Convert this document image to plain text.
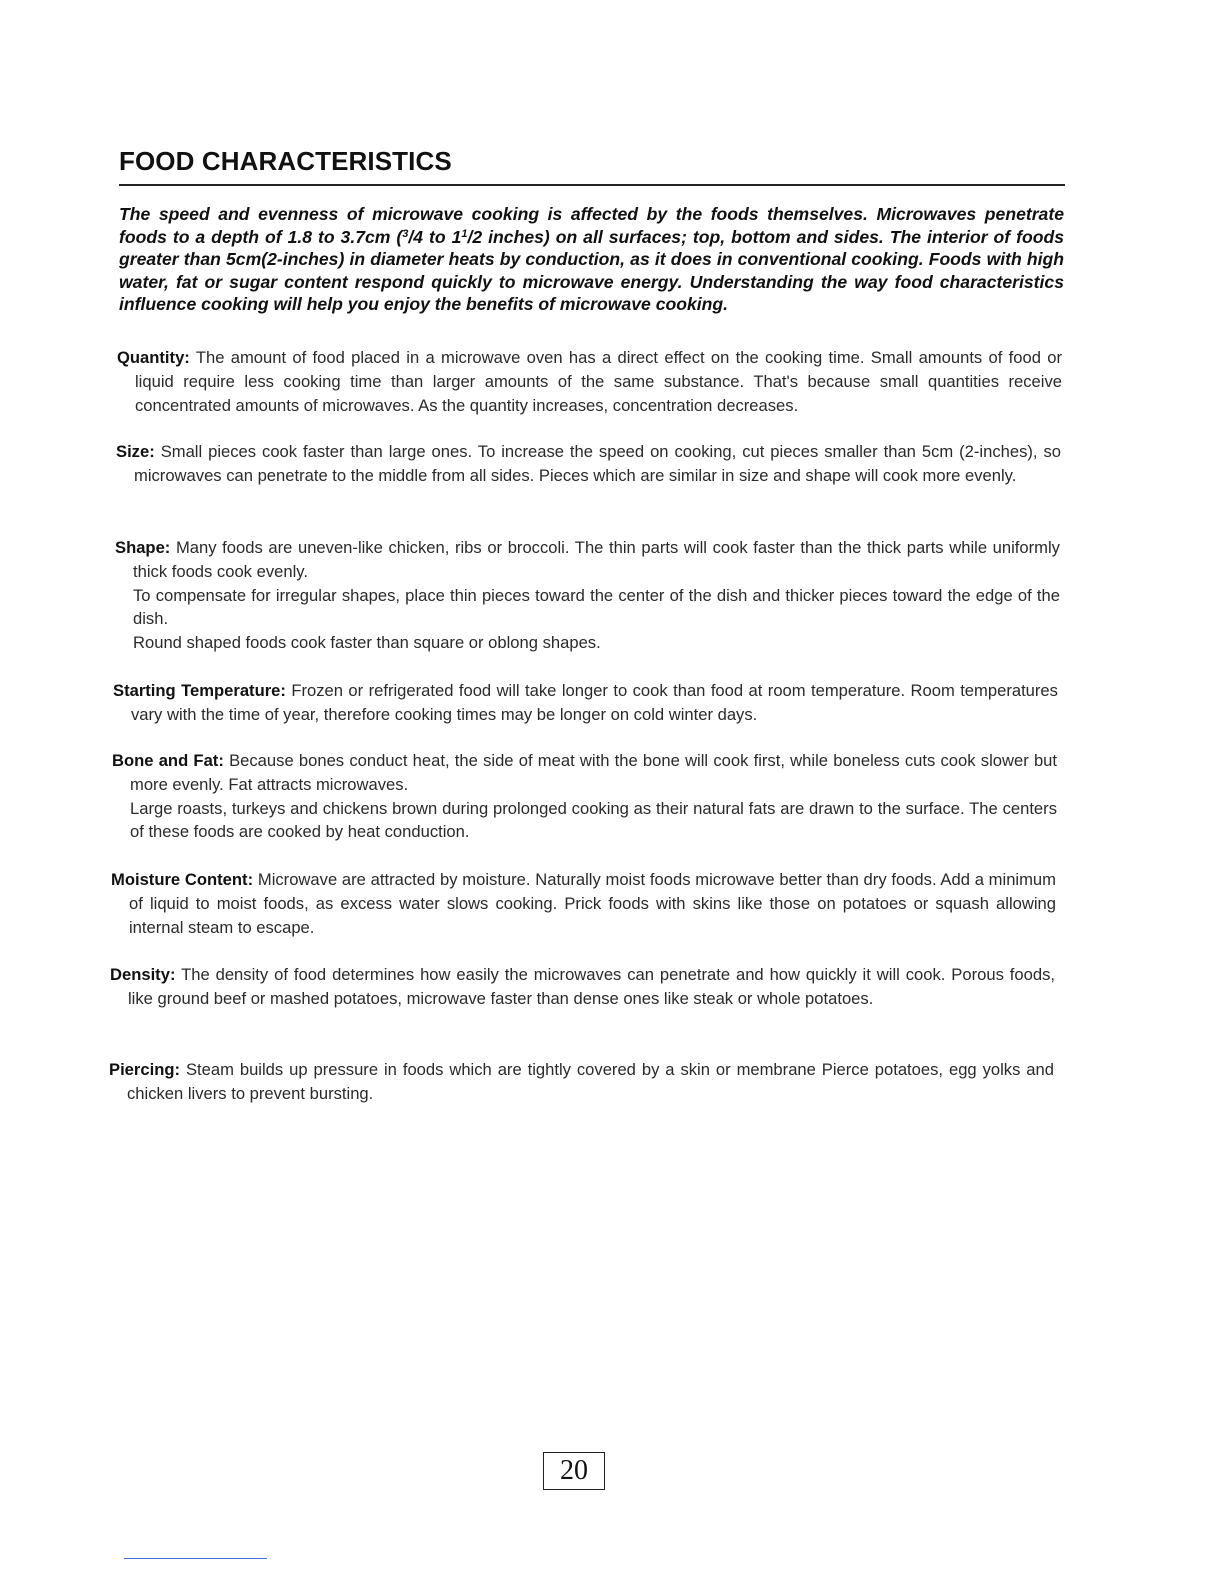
FOOD CHARACTERISTICS

The speed and evenness of microwave cooking is affected by the foods themselves. Microwaves penetrate foods to a depth of 1.8 to 3.7cm ($^3$/4 to $1^1/2$ inches) on all surfaces; top, bottom and sides. The interior of foods greater than 5cm(2-inches) in diameter heats by conduction, as it does in conventional cooking. Foods with high water, fat or sugar content respond quickly to microwave energy. Understanding the way food characteristics influence cooking will help you enjoy the benefits of microwave cooking.

Quantity: The amount of food placed in a microwave oven has a direct effect on the cooking time. Small amounts of food or liquid require less cooking time than larger amounts of the same substance. That's because small quantities receive concentrated amounts of microwaves. As the quantity increases, concentration decreases.

Size: Small pieces cook faster than large ones. To increase the speed on cooking, cut pieces smaller than 5cm (2-inches), so microwaves can penetrate to the middle from all sides. Pieces which are similar in size and shape will cook more evenly.

Shape: Many foods are uneven-like chicken, ribs or broccoli. The thin parts will cook faster than the thick parts while uniformly thick foods cook evenly.

To compensate for irregular shapes, place thin pieces toward the center of the dish and thicker pieces toward the edge of the dish.

Round shaped foods cook faster than square or oblong shapes.

Starting Temperature: Frozen or refrigerated food will take longer to cook than food at room temperature. Room temperatures vary with the time of year, therefore cooking times may be longer on cold winter days.

Bone and Fat: Because bones conduct heat, the side of meat with the bone will cook first, while boneless cuts cook slower but more evenly. Fat attracts microwaves.

Large roasts, turkeys and chickens brown during prolonged cooking as their natural fats are drawn to the surface. The centers of these foods are cooked by heat conduction.

Moisture Content: Microwave are attracted by moisture. Naturally moist foods microwave better than dry foods. Add a minimum of liquid to moist foods, as excess water slows cooking. Prick foods with skins like those on potatoes or squash allowing internal steam to escape.

Density: The density of food determines how easily the microwaves can penetrate and how quickly it will cook. Porous foods, like ground beef or mashed potatoes, microwave faster than dense ones like steak or whole potatoes.

Piercing: Steam builds up pressure in foods which are tightly covered by a skin or membrane Pierce potatoes, egg yolks and chicken livers to prevent bursting.

20
